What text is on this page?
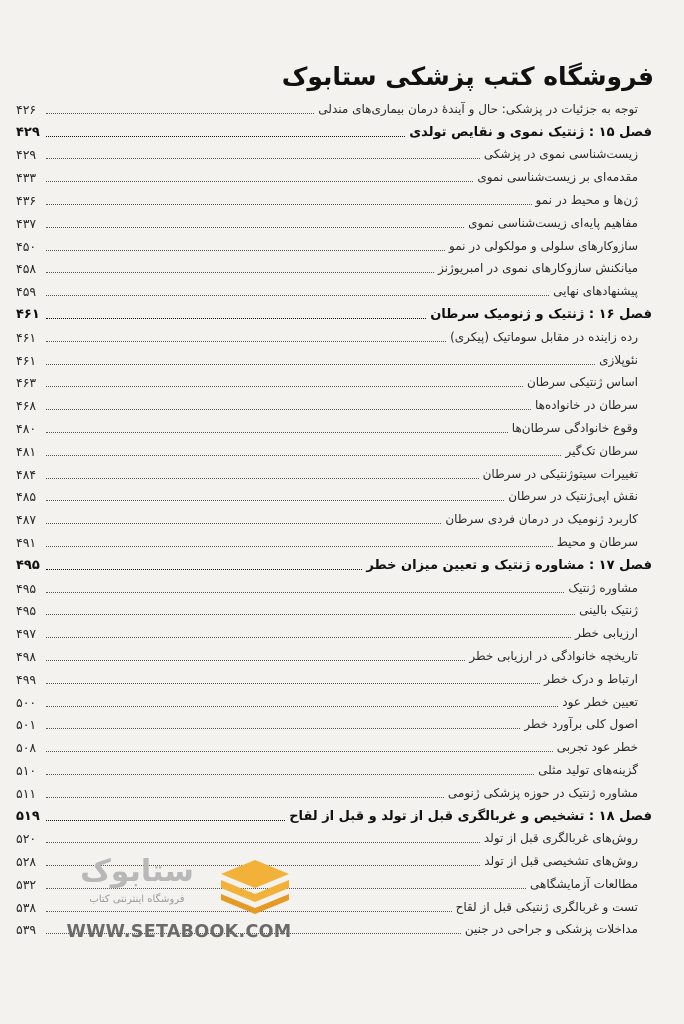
فروشگاه کتب پزشکی ستابوک
توجه به جزئیات در پزشکی: حال و آیندهٔ درمان بیماری‌های مندلی
۴۲۶
فصل ۱۵ : ژنتیک نموی و نقایص تولدی
۴۲۹
زیست‌شناسی نموی در پزشکی
۴۲۹
مقدمه‌ای بر زیست‌شناسی نموی
۴۳۳
ژن‌ها و محیط در نمو
۴۳۶
مفاهیم پایه‌ای زیست‌شناسی نموی
۴۳۷
سازوکارهای سلولی و مولکولی در نمو
۴۵۰
میانکنش سازوکارهای نموی در امبریوژنز
۴۵۸
پیشنهادهای نهایی
۴۵۹
فصل ۱۶ : ژنتیک و ژنومیک سرطان
۴۶۱
رده زاینده در مقابل سوماتیک (پیکری)
۴۶۱
نئوپلازی
۴۶۱
اساس ژنتیکی سرطان
۴۶۳
سرطان در خانواده‌ها
۴۶۸
وقوع خانوادگی سرطان‌ها
۴۸۰
سرطان تک‌گیر
۴۸۱
تغییرات سیتوژنتیکی در سرطان
۴۸۴
نقش اپی‌ژنتیک در سرطان
۴۸۵
کاربرد ژنومیک در درمان فردی سرطان
۴۸۷
سرطان و محیط
۴۹۱
فصل ۱۷ : مشاوره ژنتیک و تعیین میزان خطر
۴۹۵
مشاوره ژنتیک
۴۹۵
ژنتیک بالینی
۴۹۵
ارزیابی خطر
۴۹۷
تاریخچه خانوادگی در ارزیابی خطر
۴۹۸
ارتباط و درک خطر
۴۹۹
تعیین خطر عود
۵۰۰
اصول کلی برآورد خطر
۵۰۱
خطر عود تجربی
۵۰۸
گزینه‌های تولید مثلی
۵۱۰
مشاوره ژنتیک در حوزه پزشکی ژنومی
۵۱۱
فصل ۱۸ : تشخیص و غربالگری قبل از تولد و قبل از لقاح
۵۱۹
روش‌های غربالگری قبل از تولد
۵۲۰
روش‌های تشخیصی قبل از تولد
۵۲۸
مطالعات آزمایشگاهی
۵۳۲
تست و غربالگری ژنتیکی قبل از لقاح
۵۳۸
مداخلات پزشکی و جراحی در جنین
۵۳۹
ستابوک
فروشگاه اینترنتی کتاب
WWW.SETABOOK.COM
